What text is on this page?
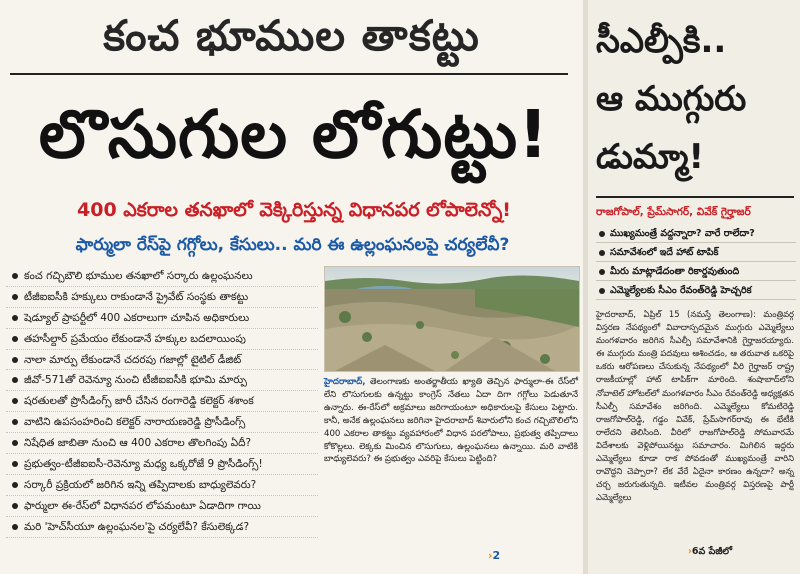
కంచ భూముల తాకట్టు
లొసుగుల లోగుట్టు!
400 ఎకరాల తనఖాలో వెక్కిరిస్తున్న విధానపర లోపాలెన్నో!
ఫార్ములా రేస్‌పై గగ్గోలు, కేసులు.. మరి ఈ ఉల్లంఘనలపై చర్యలేవీ?
కంచ గచ్చిబౌలి భూముల తనఖాలో సర్కారు ఉల్లంఘనలు
టీజీఐఐసీకి హక్కులు రాకుండానే ప్రైవేట్ సంస్థకు తాకట్టు
షెడ్యూల్ ప్రాపర్టీలో 400 ఎకరాలుగా చూపిన అధికారులు
తహసీల్దార్ ప్రమేయం లేకుండానే హక్కుల బదలాయింపు
నాలా మార్పు లేకుండానే చదరపు గజాల్లో టైటిల్ డీజి‌ట్
జీవో-571తో రెవెన్యూ నుంచి టీజీఐఐసీకి భూమి మార్పు
షరతులతో ప్రొసీడింగ్స్ జారీ చేసిన రంగారెడ్డి కలెక్టర్ శశాంక
వాటిని ఉపసంహరించి కలెక్టర్ నారాయణరెడ్డి ప్రొసీడింగ్స్
నిషేధిత జాబితా నుంచి ఆ 400 ఎకరాల తొలగింపు ఏదీ?
ప్రభుత్వం-టీజీఐఐసీ-రెవెన్యూ మధ్య ఒక్కరోజే 9 ప్రొసీడింగ్స్!
సర్కారీ ప్రక్రియలో జరిగిన ఇన్ని తప్పిదాలకు బాధ్యులెవరు?
ఫార్ములా ఈ-రేస్‌లో విధానపర లోపమంటూ ఏడాదిగా గాయి
మరి 'హెచ్‌సీయూ ఉల్లంఘనల'పై చర్యలేవీ? కేసులెక్కడ?

హైదరాబాద్, తెలంగాణకు అంతర్జాతీయ ఖ్యాతి తెచ్చిన ఫార్ములా-ఈ రేస్‌లో లేని లొసుగులకు ఉన్నట్టు కాంగ్రెస్ నేతలు ఏదా దిగా గగ్గోలు పెడుతూనే ఉన్నారు. ఈ-రేస్‌లో అక్రమాలు జరిగాయంటూ అధికారులపై కేసులు పెట్టారు. కానీ, అనేక ఉల్లంఘనలు జరిగినా హైదరాబాద్ శివారులోని కంచ గచ్చిబౌలిలోని 400 ఎకరాల తాకట్టు వ్యవహారంలో విధాన పరలోపాలు, ప్రభుత్వ తప్పిదాలు కోకొల్లలు. లెక్కకు మించిన లొసుగులు, ఉల్లంఘనలు ఉన్నాయి. మరి వాటికి బాధ్యులెవరు? ఈ ప్రభుత్వం ఎవరిపై కేసులు పెట్టింది?

›2
సీఎల్పీకి..
ఆ ముగ్గురు
డుమ్మా!
రాజగోపాల్, ప్రేమ్‌సాగర్, వివేక్ గైర్హాజర్
ముఖ్యమంత్రే వద్దన్నారా? వారే రాలేదా?
సమావేశంలో ఇదే హాట్ టాపిక్
మీరు మాట్లాడేదంతా రికార్డవుతుంది
ఎమ్మెల్యేలకు సీఎం రేవంత్‌రెడ్డి హెచ్చరిక

హైదరాబాద్, ఏప్రిల్ 15 (నమస్తే తెలంగాణ): మంత్రివర్గ విస్తరణ నేపథ్యంలో వివాదాస్పదమైన ముగ్గురు ఎమ్మెల్యేలు మంగళవారం జరిగిన సీఎల్పీ సమావేశానికి గైర్హాజరయ్యారు. ఈ ముగ్గురు మంత్రి పదవులు ఆశించడం, ఆ తరువాత ఒకరిపై ఒకరు ఆరోపణలు చేసుకున్న నేపథ్యంలో వీరి గైర్హాజర్ రాష్ట్ర రాజకీయాల్లో హాట్ టాపిక్‌గా మారింది. శంషాబాద్‌లోని నోవాటెల్ హోటల్‌లో మంగళవారం సీఎం రేవంత్‌రెడ్డి అధ్యక్షతన సీఎల్పీ సమావేశం జరిగింది. ఎమ్మెల్యేలు కోమటిరెడ్డి రాజగోపాల్‌రెడ్డి, గడ్డం వివేక్, ప్రేమ్‌సాగర్‌రావు ఈ భేటీకి రాలేదని తెలిసింది. వీరిలో రాజగోపాల్‌రెడ్డి సోమవారమే విదేశాలకు వెళ్లిపోయినట్టు సమాచారం. మిగిలిన ఇద్దరు ఎమ్మెల్యేలు కూడా రాక పోవడంతో ముఖ్యమంత్రే వారిని రావొద్దని చెప్పారా? లేక వేరే ఏదైనా కారణం ఉన్నదా? అన్న చర్చ జరుగుతున్నది. ఇటీవల మంత్రివర్గ విస్తరణపై పార్టీ ఎమ్మెల్యేలు

›6వ పేజీలో
